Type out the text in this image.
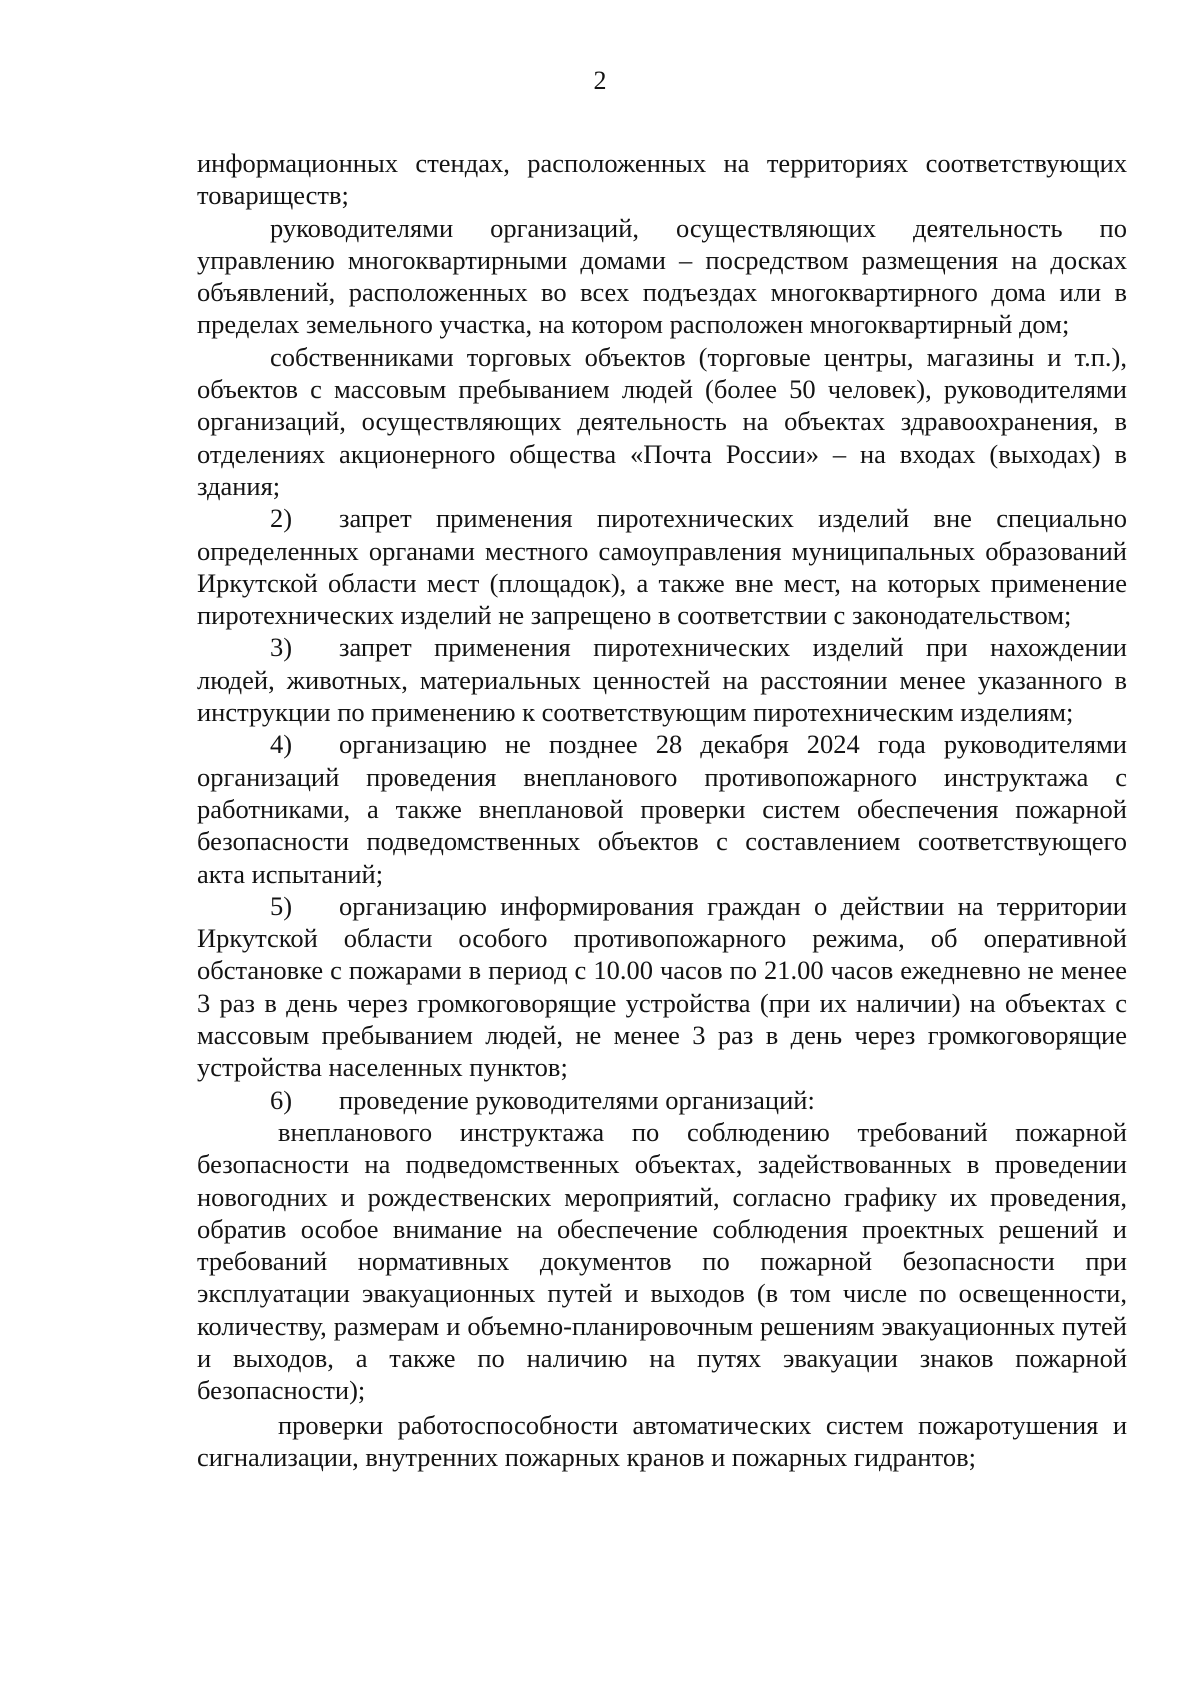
2

информационных стендах, расположенных на территориях соответствующих товариществ;

руководителями организаций, осуществляющих деятельность по управлению многоквартирными домами – посредством размещения на досках объявлений, расположенных во всех подъездах многоквартирного дома или в пределах земельного участка, на котором расположен многоквартирный дом;

собственниками торговых объектов (торговые центры, магазины и т.п.), объектов с массовым пребыванием людей (более 50 человек), руководителями организаций, осуществляющих деятельность на объектах здравоохранения, в отделениях акционерного общества «Почта России» – на входах (выходах) в здания;

2) запрет применения пиротехнических изделий вне специально определенных органами местного самоуправления муниципальных образований Иркутской области мест (площадок), а также вне мест, на которых применение пиротехнических изделий не запрещено в соответствии с законодательством;

3) запрет применения пиротехнических изделий при нахождении людей, животных, материальных ценностей на расстоянии менее указанного в инструкции по применению к соответствующим пиротехническим изделиям;

4) организацию не позднее 28 декабря 2024 года руководителями организаций проведения внепланового противопожарного инструктажа с работниками, а также внеплановой проверки систем обеспечения пожарной безопасности подведомственных объектов с составлением соответствующего акта испытаний;

5) организацию информирования граждан о действии на территории Иркутской области особого противопожарного режима, об оперативной обстановке с пожарами в период с 10.00 часов по 21.00 часов ежедневно не менее 3 раз в день через громкоговорящие устройства (при их наличии) на объектах с массовым пребыванием людей, не менее 3 раз в день через громкоговорящие устройства населенных пунктов;

6) проведение руководителями организаций:

внепланового инструктажа по соблюдению требований пожарной безопасности на подведомственных объектах, задействованных в проведении новогодних и рождественских мероприятий, согласно графику их проведения, обратив особое внимание на обеспечение соблюдения проектных решений и требований нормативных документов по пожарной безопасности при эксплуатации эвакуационных путей и выходов (в том числе по освещенности, количеству, размерам и объемно-планировочным решениям эвакуационных путей и выходов, а также по наличию на путях эвакуации знаков пожарной безопасности);

проверки работоспособности автоматических систем пожаротушения и сигнализации, внутренних пожарных кранов и пожарных гидрантов;
